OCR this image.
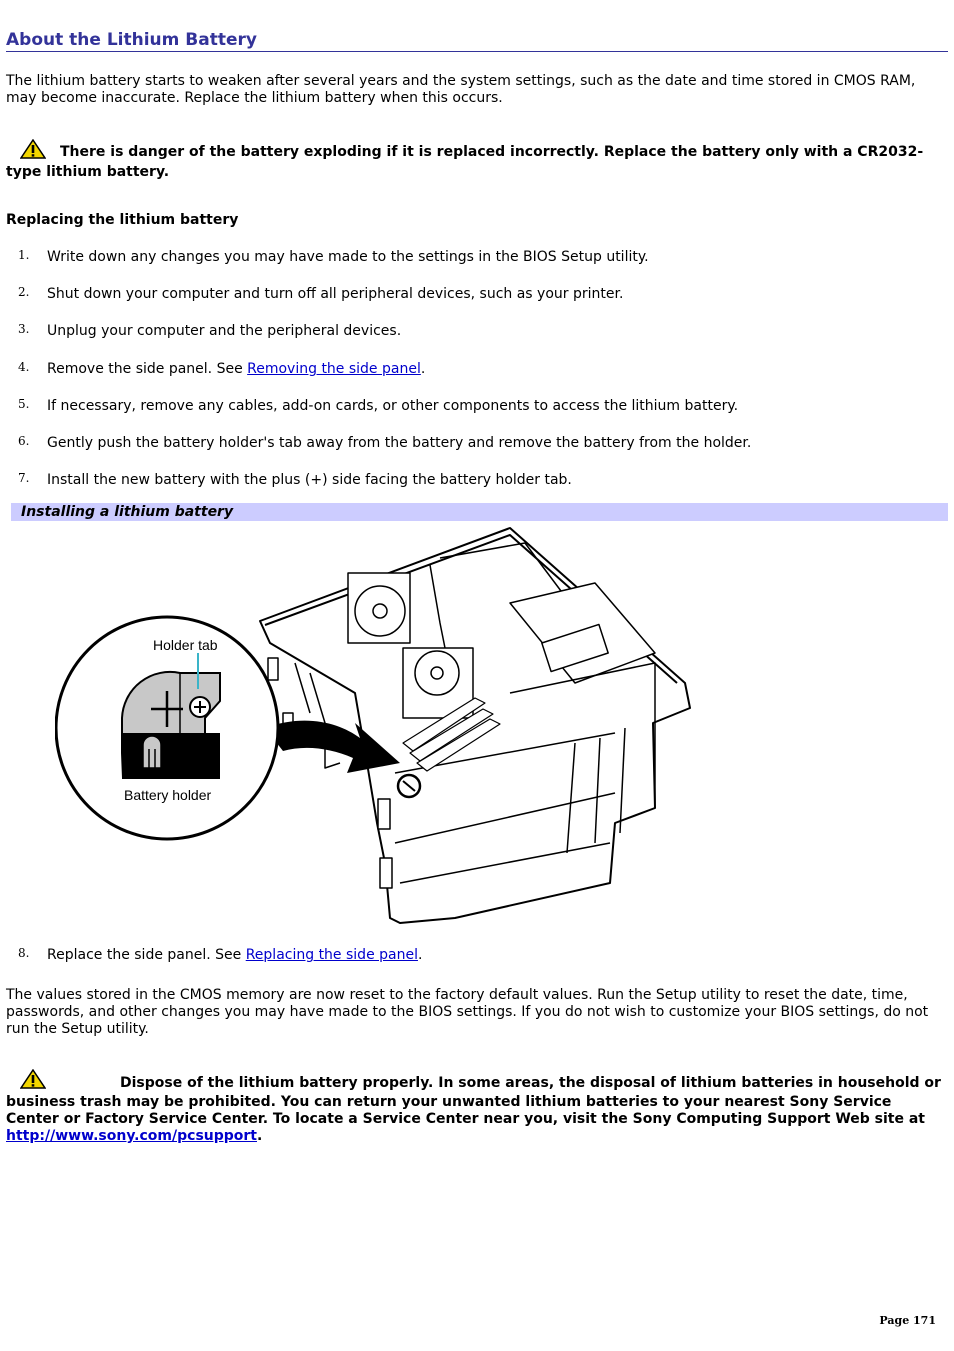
About the Lithium Battery
The lithium battery starts to weaken after several years and the system settings, such as the date and time stored in CMOS RAM, may become inaccurate. Replace the lithium battery when this occurs.
There is danger of the battery exploding if it is replaced incorrectly. Replace the battery only with a CR2032-type lithium battery.
Replacing the lithium battery
1. Write down any changes you may have made to the settings in the BIOS Setup utility.
2. Shut down your computer and turn off all peripheral devices, such as your printer.
3. Unplug your computer and the peripheral devices.
4. Remove the side panel. See Removing the side panel.
5. If necessary, remove any cables, add-on cards, or other components to access the lithium battery.
6. Gently push the battery holder's tab away from the battery and remove the battery from the holder.
7. Install the new battery with the plus (+) side facing the battery holder tab.
Installing a lithium battery
Holder tab
Battery holder
8. Replace the side panel. See Replacing the side panel.
The values stored in the CMOS memory are now reset to the factory default values. Run the Setup utility to reset the date, time, passwords, and other changes you may have made to the BIOS settings. If you do not wish to customize your BIOS settings, do not run the Setup utility.
Dispose of the lithium battery properly. In some areas, the disposal of lithium batteries in household or business trash may be prohibited. You can return your unwanted lithium batteries to your nearest Sony Service Center or Factory Service Center. To locate a Service Center near you, visit the Sony Computing Support Web site at http://www.sony.com/pcsupport.
Page 171
